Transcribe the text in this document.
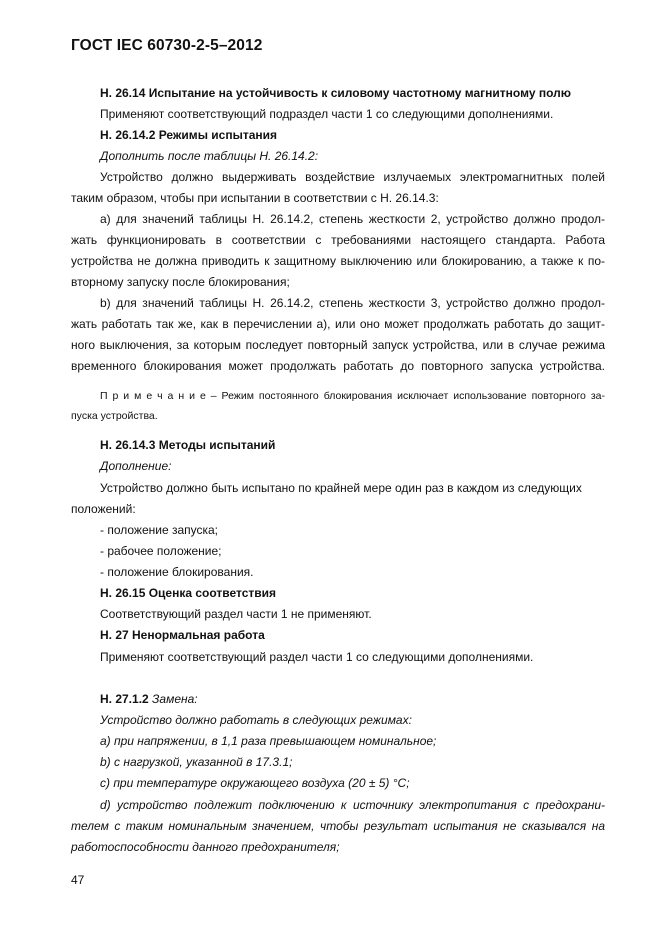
ГОСТ IEC 60730-2-5–2012
Н. 26.14 Испытание на устойчивость к силовому частотному магнитному полю
Применяют соответствующий подраздел части 1 со следующими дополнениями.
Н. 26.14.2 Режимы испытания
Дополнить после таблицы Н. 26.14.2:
Устройство должно выдерживать воздействие излучаемых электромагнитных полей
таким образом, чтобы при испытании в соответствии с Н. 26.14.3:
а) для значений таблицы Н. 26.14.2, степень жесткости 2, устройство должно продол-
жать функционировать в соответствии с требованиями настоящего стандарта. Работа
устройства не должна приводить к защитному выключению или блокированию, а также к по-
вторному запуску после блокирования;
b) для значений таблицы Н. 26.14.2, степень жесткости 3, устройство должно продол-
жать работать так же, как в перечислении а), или оно может продолжать работать до защит-
ного выключения, за которым последует повторный запуск устройства, или в случае режима
временного блокирования может продолжать работать до повторного запуска устройства.
П р и м е ч а н и е – Режим постоянного блокирования исключает использование повторного за-
пуска устройства.
Н. 26.14.3 Методы испытаний
Дополнение:
Устройство должно быть испытано по крайней мере один раз в каждом из следующих
положений:
- положение запуска;
- рабочее положение;
- положение блокирования.
Н. 26.15 Оценка соответствия
Соответствующий раздел части 1 не применяют.
Н. 27 Ненормальная работа
Применяют соответствующий раздел части 1 со следующими дополнениями.
Н. 27.1.2 Замена:
Устройство должно работать в следующих режимах:
а) при напряжении, в 1,1 раза превышающем номинальное;
b) с нагрузкой, указанной в 17.3.1;
с) при температуре окружающего воздуха (20 ± 5) °С;
d) устройство подлежит подключению к источнику электропитания с предохрани-
телем с таким номинальным значением, чтобы результат испытания не сказывался на
работоспособности данного предохранителя;
47
